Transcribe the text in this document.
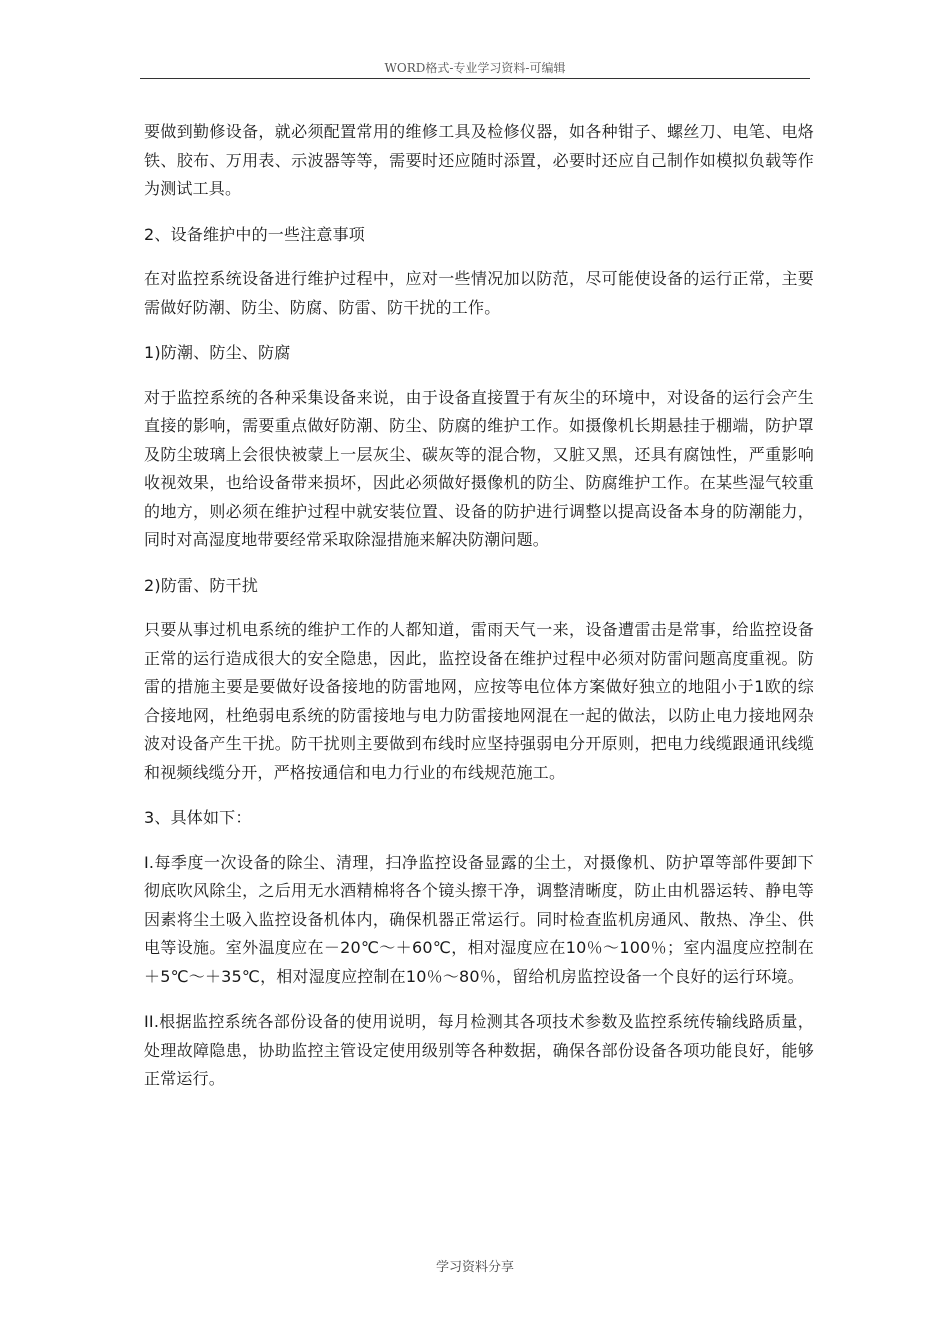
WORD格式-专业学习资料-可编辑

要做到勤修设备，就必须配置常用的维修工具及检修仪器，如各种钳子、螺丝刀、电笔、电烙铁、胶布、万用表、示波器等等，需要时还应随时添置，必要时还应自己制作如模拟负载等作为测试工具。

2、设备维护中的一些注意事项

在对监控系统设备进行维护过程中，应对一些情况加以防范，尽可能使设备的运行正常，主要需做好防潮、防尘、防腐、防雷、防干扰的工作。

1)防潮、防尘、防腐

对于监控系统的各种采集设备来说，由于设备直接置于有灰尘的环境中，对设备的运行会产生直接的影响，需要重点做好防潮、防尘、防腐的维护工作。如摄像机长期悬挂于棚端，防护罩及防尘玻璃上会很快被蒙上一层灰尘、碳灰等的混合物，又脏又黑，还具有腐蚀性，严重影响收视效果，也给设备带来损坏，因此必须做好摄像机的防尘、防腐维护工作。在某些湿气较重的地方，则必须在维护过程中就安装位置、设备的防护进行调整以提高设备本身的防潮能力，同时对高湿度地带要经常采取除湿措施来解决防潮问题。

2)防雷、防干扰

只要从事过机电系统的维护工作的人都知道，雷雨天气一来，设备遭雷击是常事，给监控设备正常的运行造成很大的安全隐患，因此，监控设备在维护过程中必须对防雷问题高度重视。防雷的措施主要是要做好设备接地的防雷地网，应按等电位体方案做好独立的地阻小于1欧的综合接地网，杜绝弱电系统的防雷接地与电力防雷接地网混在一起的做法，以防止电力接地网杂波对设备产生干扰。防干扰则主要做到布线时应坚持强弱电分开原则，把电力线缆跟通讯线缆和视频线缆分开，严格按通信和电力行业的布线规范施工。

3、具体如下：

I.每季度一次设备的除尘、清理，扫净监控设备显露的尘土，对摄像机、防护罩等部件要卸下彻底吹风除尘，之后用无水酒精棉将各个镜头擦干净，调整清晰度，防止由机器运转、静电等因素将尘土吸入监控设备机体内，确保机器正常运行。同时检查监机房通风、散热、净尘、供电等设施。室外温度应在－20℃～＋60℃，相对湿度应在10％～100％；室内温度应控制在＋5℃～＋35℃，相对湿度应控制在10％～80％，留给机房监控设备一个良好的运行环境。

II.根据监控系统各部份设备的使用说明，每月检测其各项技术参数及监控系统传输线路质量，处理故障隐患，协助监控主管设定使用级别等各种数据，确保各部份设备各项功能良好，能够正常运行。

学习资料分享
